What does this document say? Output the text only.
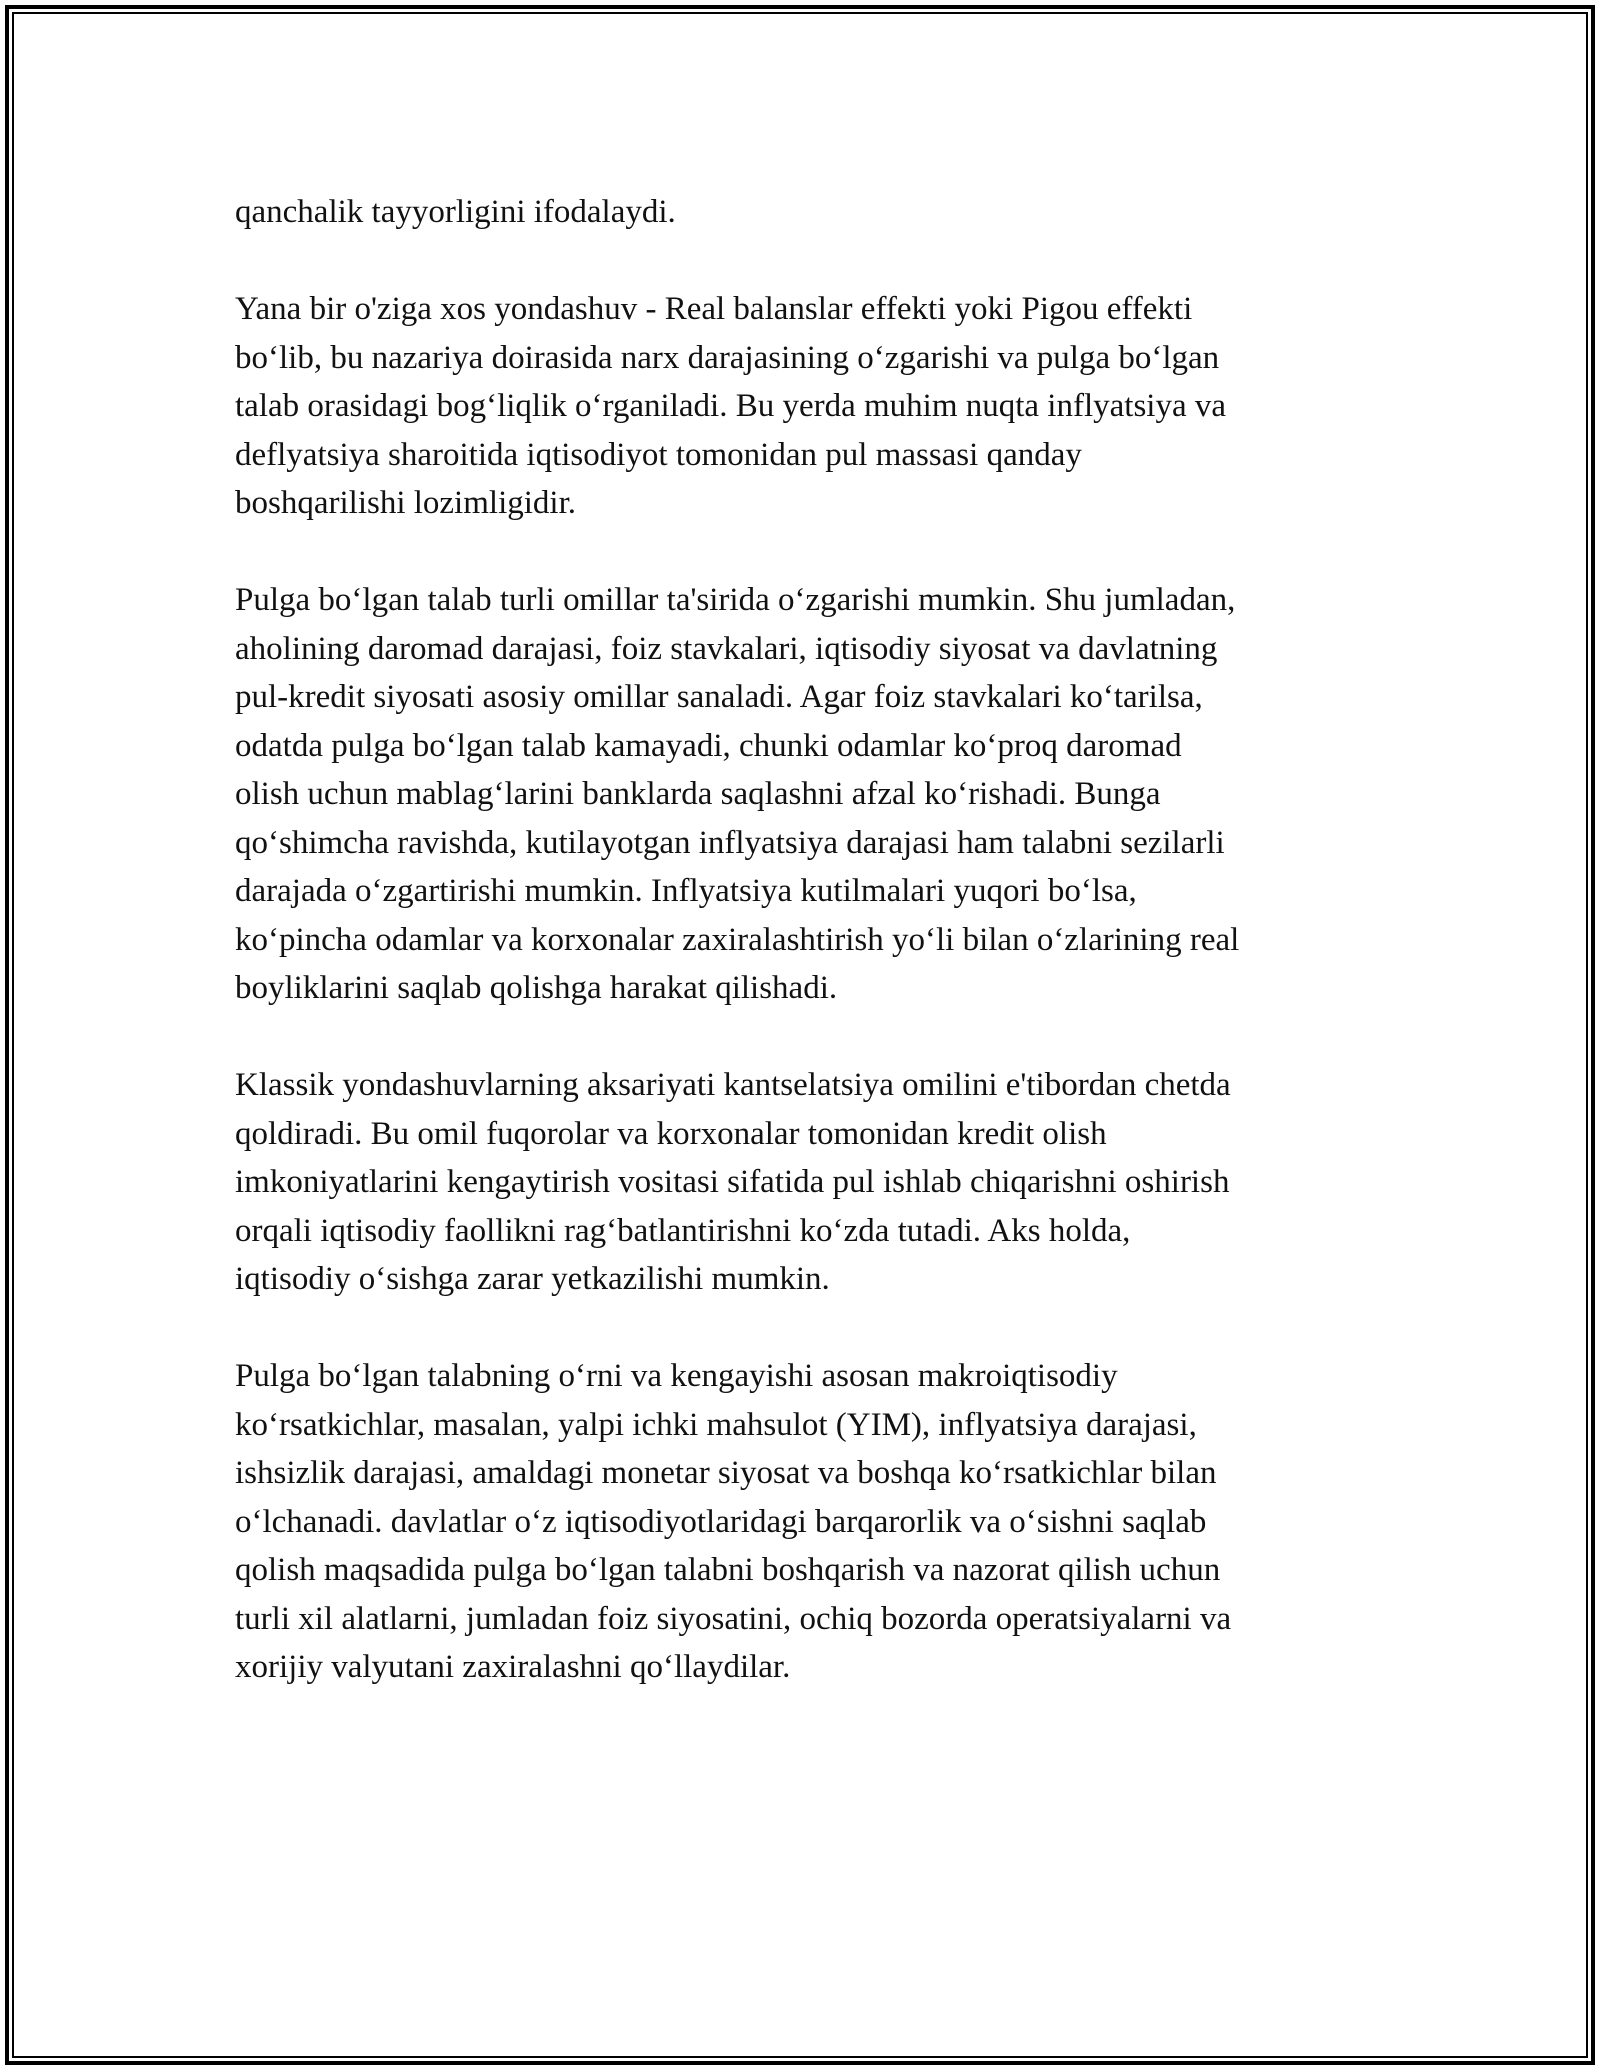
qanchalik tayyorligini ifodalaydi.

Yana bir o'ziga xos yondashuv - Real balanslar effekti yoki Pigou effekti
bo‘lib, bu nazariya doirasida narx darajasining o‘zgarishi va pulga bo‘lgan
talab orasidagi bog‘liqlik o‘rganiladi. Bu yerda muhim nuqta inflyatsiya va
deflyatsiya sharoitida iqtisodiyot tomonidan pul massasi qanday
boshqarilishi lozimligidir.

Pulga bo‘lgan talab turli omillar ta'sirida o‘zgarishi mumkin. Shu jumladan,
aholining daromad darajasi, foiz stavkalari, iqtisodiy siyosat va davlatning
pul-kredit siyosati asosiy omillar sanaladi. Agar foiz stavkalari ko‘tarilsa,
odatda pulga bo‘lgan talab kamayadi, chunki odamlar ko‘proq daromad
olish uchun mablag‘larini banklarda saqlashni afzal ko‘rishadi. Bunga
qo‘shimcha ravishda, kutilayotgan inflyatsiya darajasi ham talabni sezilarli
darajada o‘zgartirishi mumkin. Inflyatsiya kutilmalari yuqori bo‘lsa,
ko‘pincha odamlar va korxonalar zaxiralashtirish yo‘li bilan o‘zlarining real
boyliklarini saqlab qolishga harakat qilishadi.

Klassik yondashuvlarning aksariyati kantselatsiya omilini e'tibordan chetda
qoldiradi. Bu omil fuqorolar va korxonalar tomonidan kredit olish
imkoniyatlarini kengaytirish vositasi sifatida pul ishlab chiqarishni oshirish
orqali iqtisodiy faollikni rag‘batlantirishni ko‘zda tutadi. Aks holda,
iqtisodiy o‘sishga zarar yetkazilishi mumkin.

Pulga bo‘lgan talabning o‘rni va kengayishi asosan makroiqtisodiy
ko‘rsatkichlar, masalan, yalpi ichki mahsulot (YIM), inflyatsiya darajasi,
ishsizlik darajasi, amaldagi monetar siyosat va boshqa ko‘rsatkichlar bilan
o‘lchanadi. davlatlar o‘z iqtisodiyotlaridagi barqarorlik va o‘sishni saqlab
qolish maqsadida pulga bo‘lgan talabni boshqarish va nazorat qilish uchun
turli xil alatlarni, jumladan foiz siyosatini, ochiq bozorda operatsiyalarni va
xorijiy valyutani zaxiralashni qo‘llaydilar.
